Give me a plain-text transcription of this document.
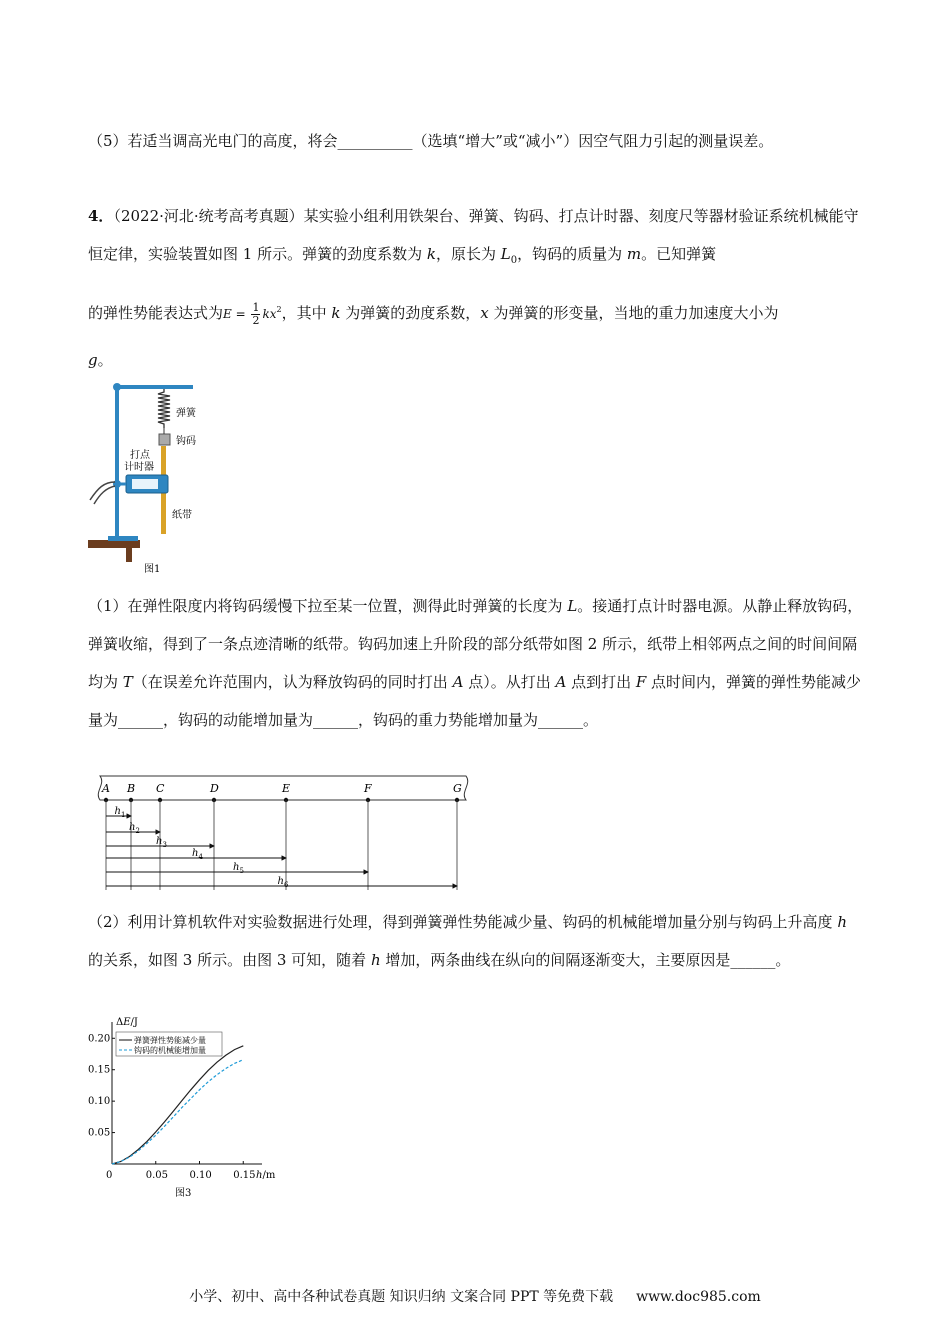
（5）若适当调高光电门的高度，将会__________（选填“增大”或“减小”）因空气阻力引起的测量误差。

4．（2022·河北·统考高考真题）某实验小组利用铁架台、弹簧、钩码、打点计时器、刻度尺等器材验证系统机械能守恒定律，实验装置如图 1 所示。弹簧的劲度系数为 k，原长为 $L_0$，钩码的质量为 m。已知弹簧

的弹性势能表达式为$E = \frac{1}{2} kx^2$，其中 k 为弹簧的劲度系数，x 为弹簧的形变量，当地的重力加速度大小为

g。

弹簧
钩码
打点
计时器
纸带
图1

（1）在弹性限度内将钩码缓慢下拉至某一位置，测得此时弹簧的长度为 L。接通打点计时器电源。从静止释放钩码，弹簧收缩，得到了一条点迹清晰的纸带。钩码加速上升阶段的部分纸带如图 2 所示，纸带上相邻两点之间的时间间隔均为 T（在误差允许范围内，认为释放钩码的同时打出 A 点）。从打出 A 点到打出 F 点时间内，弹簧的弹性势能减少量为______，钩码的动能增加量为______，钩码的重力势能增加量为______。

A B C	D	E	F	G
$h_1$
$h_2$
$h_3$
$h_4$
$h_5$
$h_6$

（2）利用计算机软件对实验数据进行处理，得到弹簧弹性势能减少量、钩码的机械能增加量分别与钩码上升高度 h 的关系，如图 3 所示。由图 3 可知，随着 h 增加，两条曲线在纵向的间隔逐渐变大，主要原因是______。

ΔE/J
h/m
图3
0.05
0.10
0.15
0.20
0	0.05 0.10 0.15
弹簧弹性势能减少量
钩码的机械能增加量
小学、初中、高中各种试卷真题 知识归纳 文案合同 PPT 等免费下载 www.doc985.com
